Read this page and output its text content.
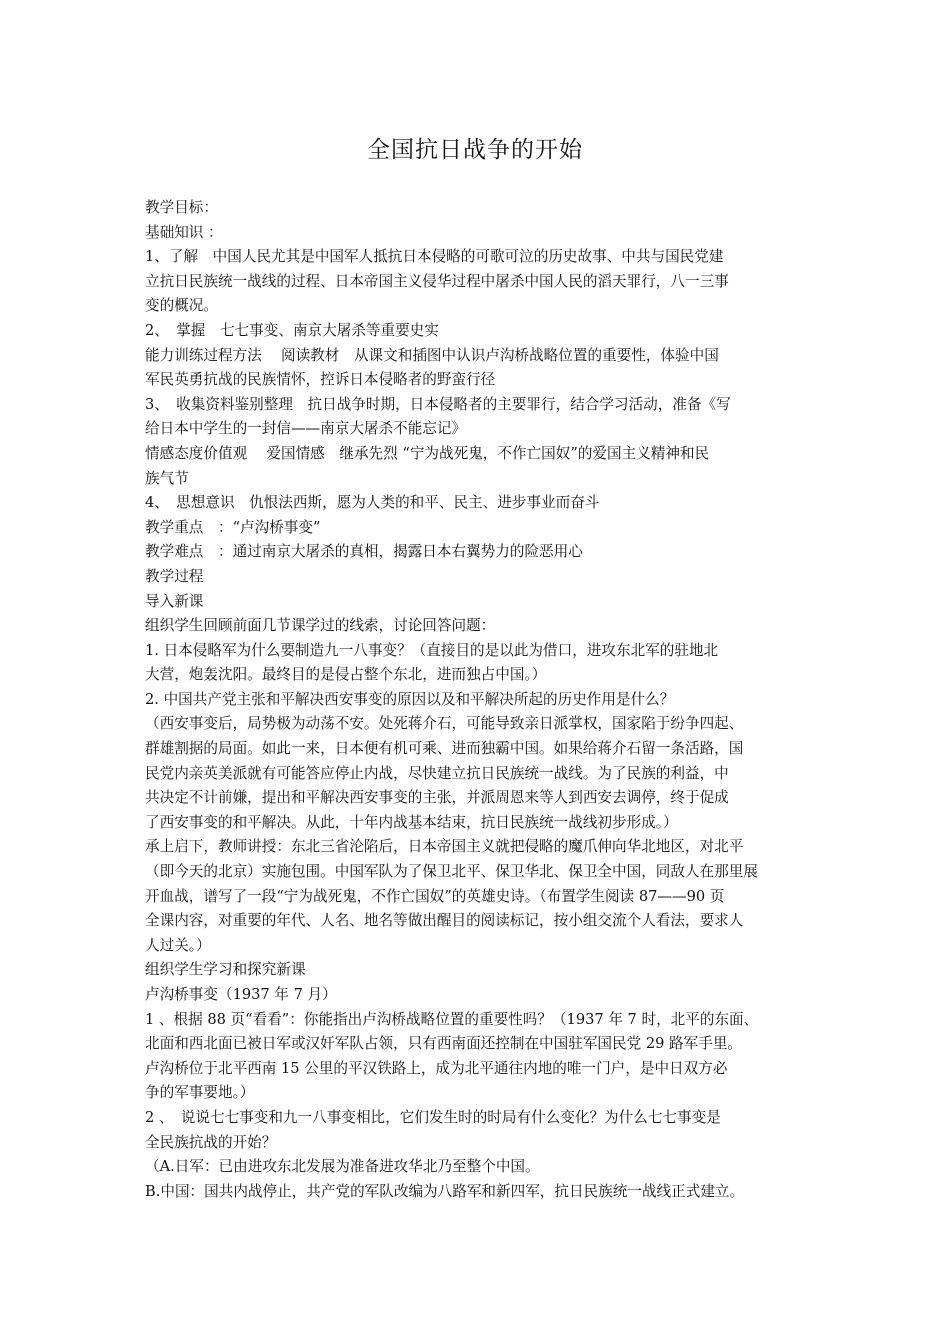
全国抗日战争的开始

教学目标：

基础知识 ：

1、了解　中国人民尤其是中国军人抵抗日本侵略的可歌可泣的历史故事、中共与国民党建

立抗日民族统一战线的过程、日本帝国主义侵华过程中屠杀中国人民的滔天罪行，八一三事

变的概况。

2、　掌握　七七事变、南京大屠杀等重要史实

能力训练过程方法　 阅读教材　从课文和插图中认识卢沟桥战略位置的重要性，体验中国

军民英勇抗战的民族情怀，控诉日本侵略者的野蛮行径

3、　收集资料鉴别整理　抗日战争时期，日本侵略者的主要罪行，结合学习活动，准备《写

给日本中学生的一封信——南京大屠杀不能忘记》

情感态度价值观　 爱国情感　继承先烈 “宁为战死鬼，不作亡国奴”的爱国主义精神和民

族气节

4、　思想意识　仇恨法西斯，愿为人类的和平、民主、进步事业而奋斗

教学重点　：“卢沟桥事变”

教学难点　：通过南京大屠杀的真相，揭露日本右翼势力的险恶用心

教学过程

导入新课

组织学生回顾前面几节课学过的线索，讨论回答问题：

1. 日本侵略军为什么要制造九一八事变？（直接目的是以此为借口，进攻东北军的驻地北

大营，炮轰沈阳。最终目的是侵占整个东北，进而独占中国。）

2. 中国共产党主张和平解决西安事变的原因以及和平解决所起的历史作用是什么？

（西安事变后，局势极为动荡不安。处死蒋介石，可能导致亲日派掌权，国家陷于纷争四起、

群雄割据的局面。如此一来，日本便有机可乘、进而独霸中国。如果给蒋介石留一条活路，国

民党内亲英美派就有可能答应停止内战，尽快建立抗日民族统一战线。为了民族的利益，中

共决定不计前嫌，提出和平解决西安事变的主张，并派周恩来等人到西安去调停，终于促成

了西安事变的和平解决。从此，十年内战基本结束，抗日民族统一战线初步形成。）

承上启下，教师讲授：东北三省沦陷后，日本帝国主义就把侵略的魔爪伸向华北地区，对北平

（即今天的北京）实施包围。中国军队为了保卫北平、保卫华北、保卫全中国，同敌人在那里展

开血战，谱写了一段“宁为战死鬼，不作亡国奴”的英雄史诗。（布置学生阅读 87——90 页

全课内容，对重要的年代、人名、地名等做出醒目的阅读标记，按小组交流个人看法，要求人

人过关。）

组织学生学习和探究新课

卢沟桥事变（1937 年 7 月）

1 、根据 88 页“看看”：你能指出卢沟桥战略位置的重要性吗？（1937 年 7 时，北平的东面、

北面和西北面已被日军或汉奸军队占领，只有西南面还控制在中国驻军国民党 29 路军手里。

卢沟桥位于北平西南 15 公里的平汉铁路上，成为北平通往内地的唯一门户，是中日双方必

争的军事要地。）

2 、　说说七七事变和九一八事变相比，它们发生时的时局有什么变化？为什么七七事变是

全民族抗战的开始？

（A.日军：已由进攻东北发展为准备进攻华北乃至整个中国。

B.中国：国共内战停止，共产党的军队改编为八路军和新四军，抗日民族统一战线正式建立。
